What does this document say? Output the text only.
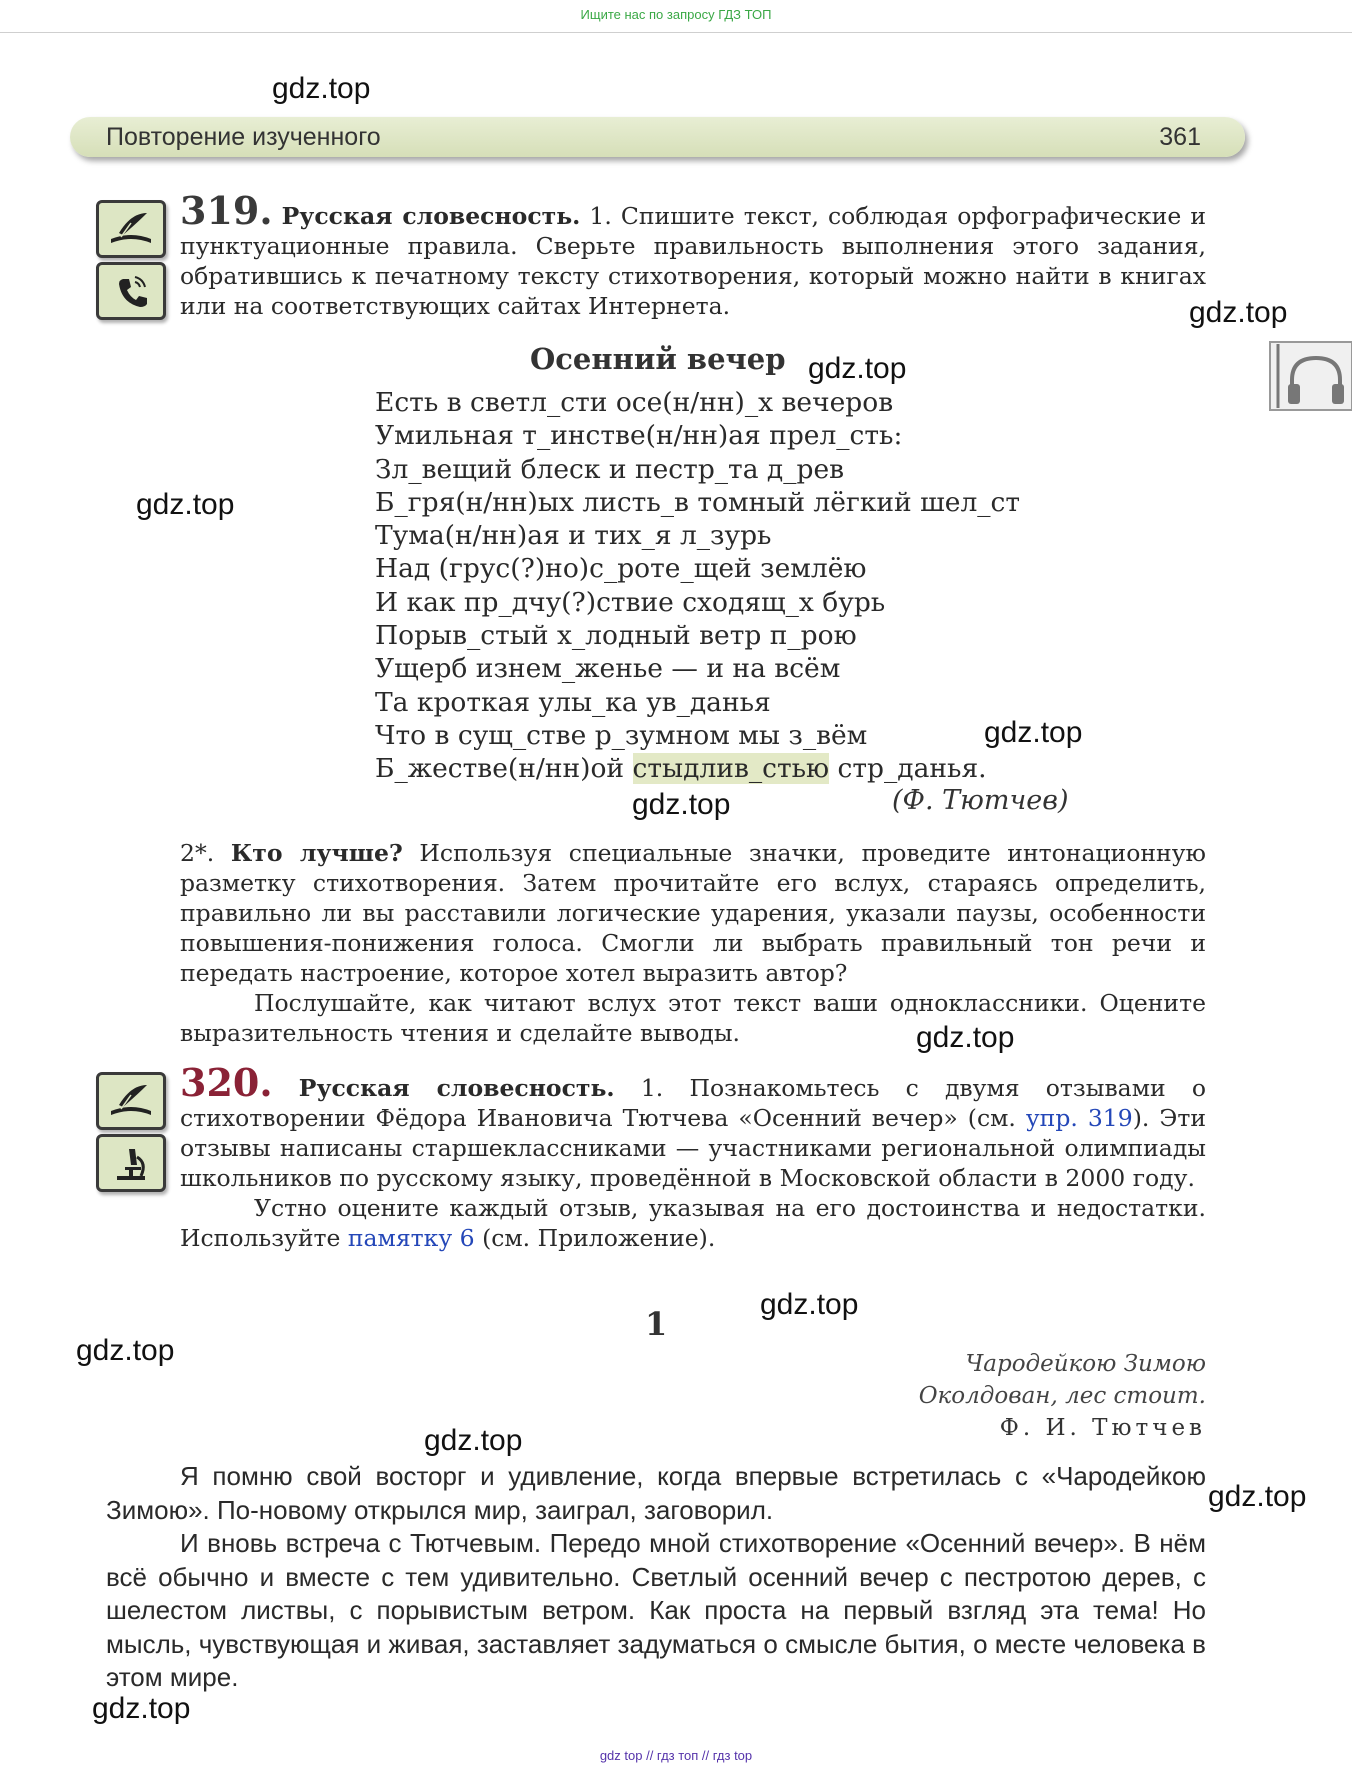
Ищите нас по запросу ГДЗ ТОП
gdz.top
gdz.top
gdz.top
gdz.top
gdz.top
gdz.top
gdz.top
gdz.top
gdz.top
gdz.top
gdz.top
gdz.top
Повторение изученного	361
319. Русская словесность. 1. Спишите текст, соблюдая орфографические и пунктуационные правила. Сверьте правильность выполнения этого задания, обратившись к печатному тексту стихотворения, который можно найти в книгах или на соответствующих сайтах Интернета.
Осенний вечер
Есть в светл_сти осе(н/нн)_х вечеров
Умильная т_инстве(н/нн)ая прел_сть:
Зл_вещий блеск и пестр_та д_рев
Б_гря(н/нн)ых листь_в томный лёгкий шел_ст
Тума(н/нн)ая и тих_я л_зурь
Над (грус(?)но)с_роте_щей землёю
И как пр_дчу(?)ствие сходящ_х бурь
Порыв_стый х_лодный ветр п_рою
Ущерб изнем_женье — и на всём
Та кроткая улы_ка ув_данья
Что в сущ_стве р_зумном мы з_вём
Б_жестве(н/нн)ой стыдлив_стью стр_данья.
(Ф. Тютчев)
2*. Кто лучше? Используя специальные значки, проведите интонационную разметку стихотворения. Затем прочитайте его вслух, стараясь определить, правильно ли вы расставили логические ударения, указали паузы, особенности повышения-понижения голоса. Смогли ли выбрать правильный тон речи и передать настроение, которое хотел выразить автор?
Послушайте, как читают вслух этот текст ваши одноклассники. Оцените выразительность чтения и сделайте выводы.
320. Русская словесность. 1. Познакомьтесь с двумя отзывами о стихотворении Фёдора Ивановича Тютчева «Осенний вечер» (см. упр. 319). Эти отзывы написаны старшеклассниками — участниками региональной олимпиады школьников по русскому языку, проведённой в Московской области в 2000 году.
Устно оцените каждый отзыв, указывая на его достоинства и недостатки. Используйте памятку 6 (см. Приложение).
1
Чародейкою Зимою
Околдован, лес стоит.
Ф. И. Тютчев

Я помню свой восторг и удивление, когда впервые встретилась с «Чародейкою Зимою». По-новому открылся мир, заиграл, заговорил.

И вновь встреча с Тютчевым. Передо мной стихотворение «Осенний вечер». В нём всё обычно и вместе с тем удивительно. Светлый осенний вечер с пестротою дерев, с шелестом листвы, с порывистым ветром. Как проста на первый взгляд эта тема! Но мысль, чувствующая и живая, заставляет задуматься о смысле бытия, о месте человека в этом мире.

gdz top // гдз топ // гдз top
